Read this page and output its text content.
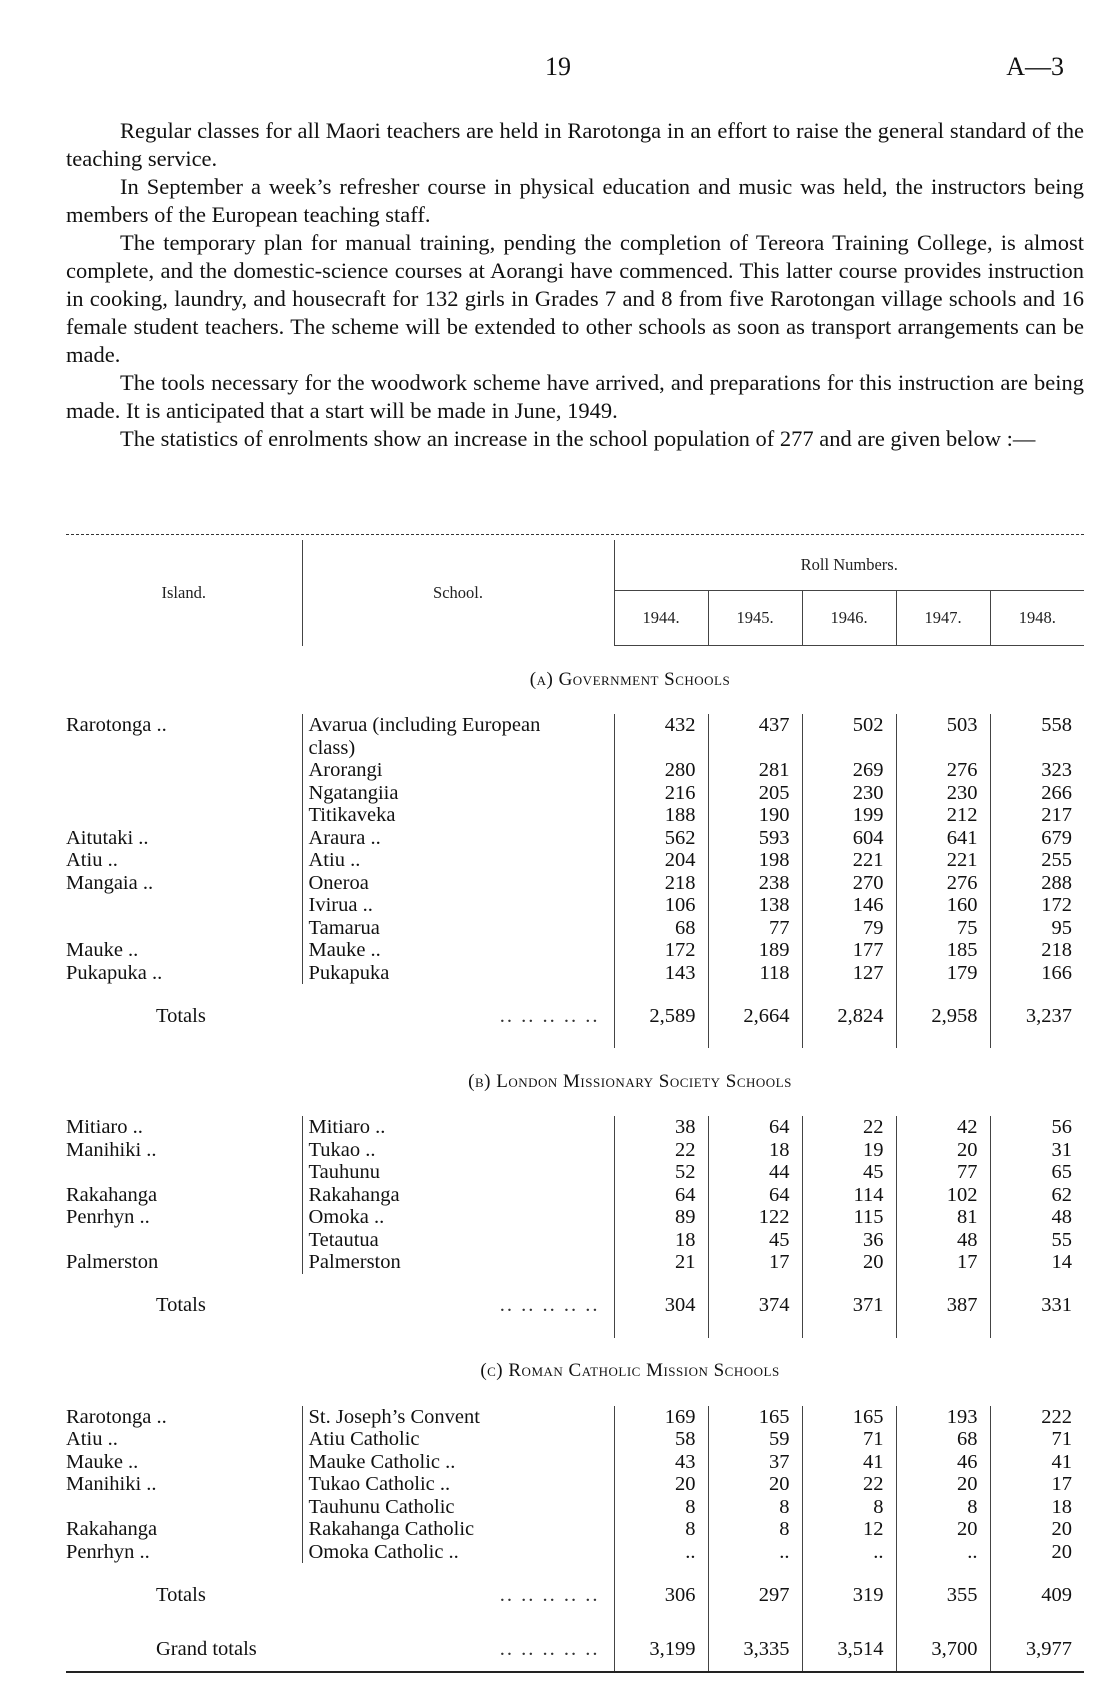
19	A—3

Regular classes for all Maori teachers are held in Rarotonga in an effort to raise the general standard of the teaching service.

In September a week’s refresher course in physical education and music was held, the instructors being members of the European teaching staff.

The temporary plan for manual training, pending the completion of Tereora Training College, is almost complete, and the domestic-science courses at Aorangi have commenced. This latter course provides instruction in cooking, laundry, and housecraft for 132 girls in Grades 7 and 8 from five Rarotongan village schools and 16 female student teachers. The scheme will be extended to other schools as soon as transport arrangements can be made.

The tools necessary for the woodwork scheme have arrived, and preparations for this instruction are being made. It is anticipated that a start will be made in June, 1949.

The statistics of enrolments show an increase in the school population of 277 and are given below :—

Island.	School.	Roll Numbers.				
		1944.	1945.	1946.	1947.	1948.
(a) Government Schools						
Rarotonga ..	Avarua (including European	432	437	502	503	558
	class)					
	Arorangi	280	281	269	276	323
	Ngatangiia	216	205	230	230	266
	Titikaveka	188	190	199	212	217
Aitutaki ..	Araura ..	562	593	604	641	679
Atiu ..	Atiu ..	204	198	221	221	255
Mangaia ..	Oneroa	218	238	270	276	288
	Ivirua ..	106	138	146	160	172
	Tamarua	68	77	79	75	95
Mauke ..	Mauke ..	172	189	177	185	218
Pukapuka ..	Pukapuka	143	118	127	179	166
Totals	.. .. .. .. ..	2,589	2,664	2,824	2,958	3,237
(b) London Missionary Society Schools						
Mitiaro ..	Mitiaro ..	38	64	22	42	56
Manihiki ..	Tukao ..	22	18	19	20	31
	Tauhunu	52	44	45	77	65
Rakahanga	Rakahanga	64	64	114	102	62
Penrhyn ..	Omoka ..	89	122	115	81	48
	Tetautua	18	45	36	48	55
Palmerston	Palmerston	21	17	20	17	14
Totals	.. .. .. .. ..	304	374	371	387	331
(c) Roman Catholic Mission Schools						
Rarotonga ..	St. Joseph’s Convent	169	165	165	193	222
Atiu ..	Atiu Catholic	58	59	71	68	71
Mauke ..	Mauke Catholic ..	43	37	41	46	41
Manihiki ..	Tukao Catholic ..	20	20	22	20	17
	Tauhunu Catholic	8	8	8	8	18
Rakahanga	Rakahanga Catholic	8	8	12	20	20
Penrhyn ..	Omoka Catholic ..	..	..	..	..	20
Totals	.. .. .. .. ..	306	297	319	355	409
Grand totals	.. .. .. .. ..	3,199	3,335	3,514	3,700	3,977
